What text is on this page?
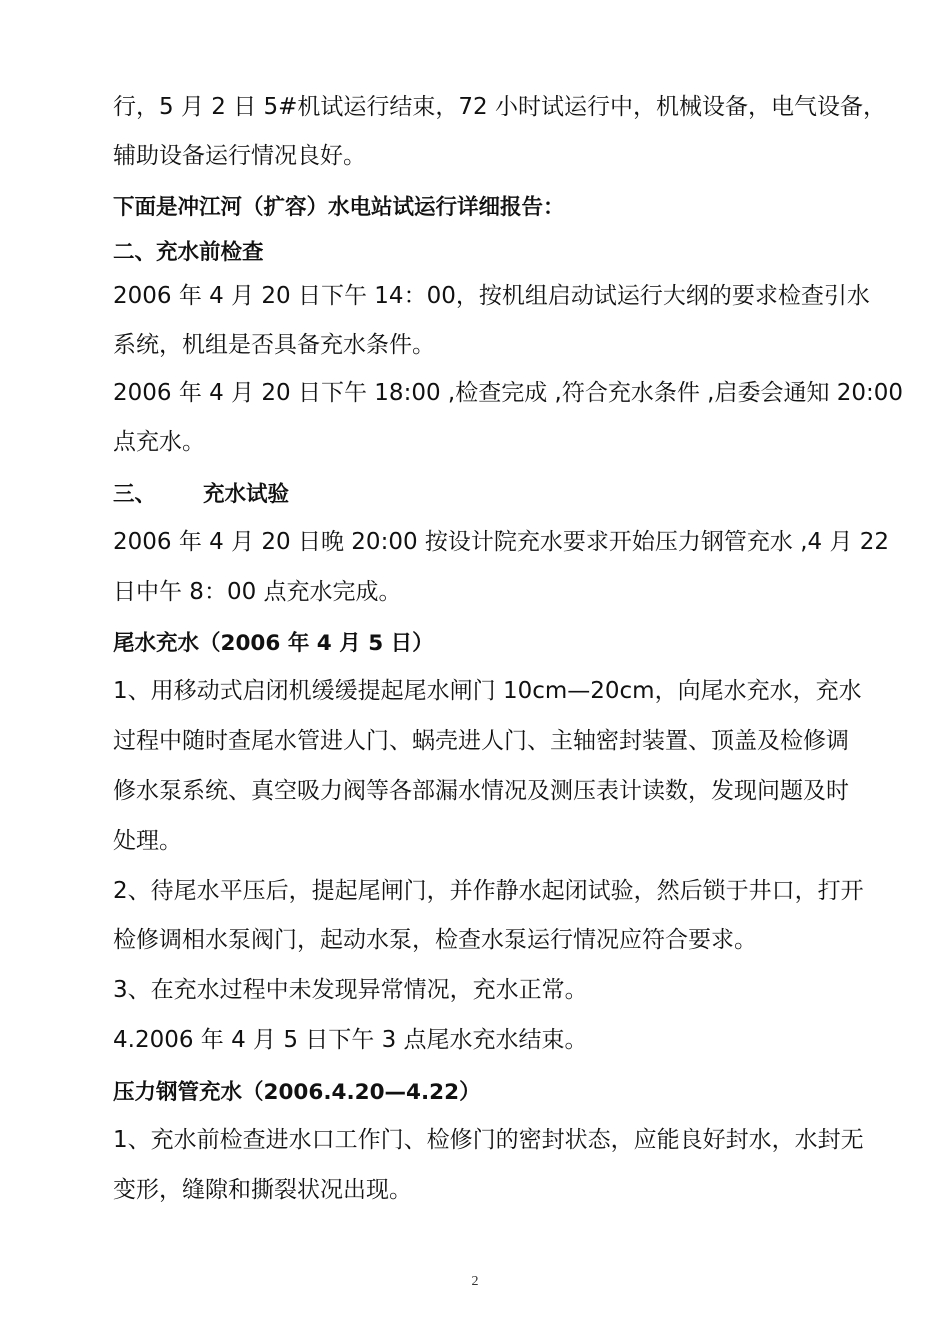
行，5 月 2 日 5#机试运行结束，72 小时试运行中，机械设备，电气设备，
辅助设备运行情况良好。
下面是冲江河（扩容）水电站试运行详细报告：
二、充水前检查
2006 年 4 月 20 日下午 14：00，按机组启动试运行大纲的要求检查引水
系统，机组是否具备充水条件。
2006 年 4 月 20 日下午 18:00 ,检查完成 ,符合充水条件 ,启委会通知 20:00
点充水。
三、 充水试验
2006 年 4 月 20 日晚 20:00 按设计院充水要求开始压力钢管充水 ,4 月 22
日中午 8：00 点充水完成。
尾水充水（2006 年 4 月 5 日）
1、用移动式启闭机缓缓提起尾水闸门 10cm—20cm，向尾水充水，充水
过程中随时查尾水管进人门、蜗壳进人门、主轴密封装置、顶盖及检修调
修水泵系统、真空吸力阀等各部漏水情况及测压表计读数，发现问题及时
处理。
2、待尾水平压后，提起尾闸门，并作静水起闭试验，然后锁于井口，打开
检修调相水泵阀门，起动水泵，检查水泵运行情况应符合要求。
3、在充水过程中未发现异常情况，充水正常。
4.2006 年 4 月 5 日下午 3 点尾水充水结束。
压力钢管充水（2006.4.20—4.22）
1、充水前检查进水口工作门、检修门的密封状态，应能良好封水，水封无
变形，缝隙和撕裂状况出现。
2
